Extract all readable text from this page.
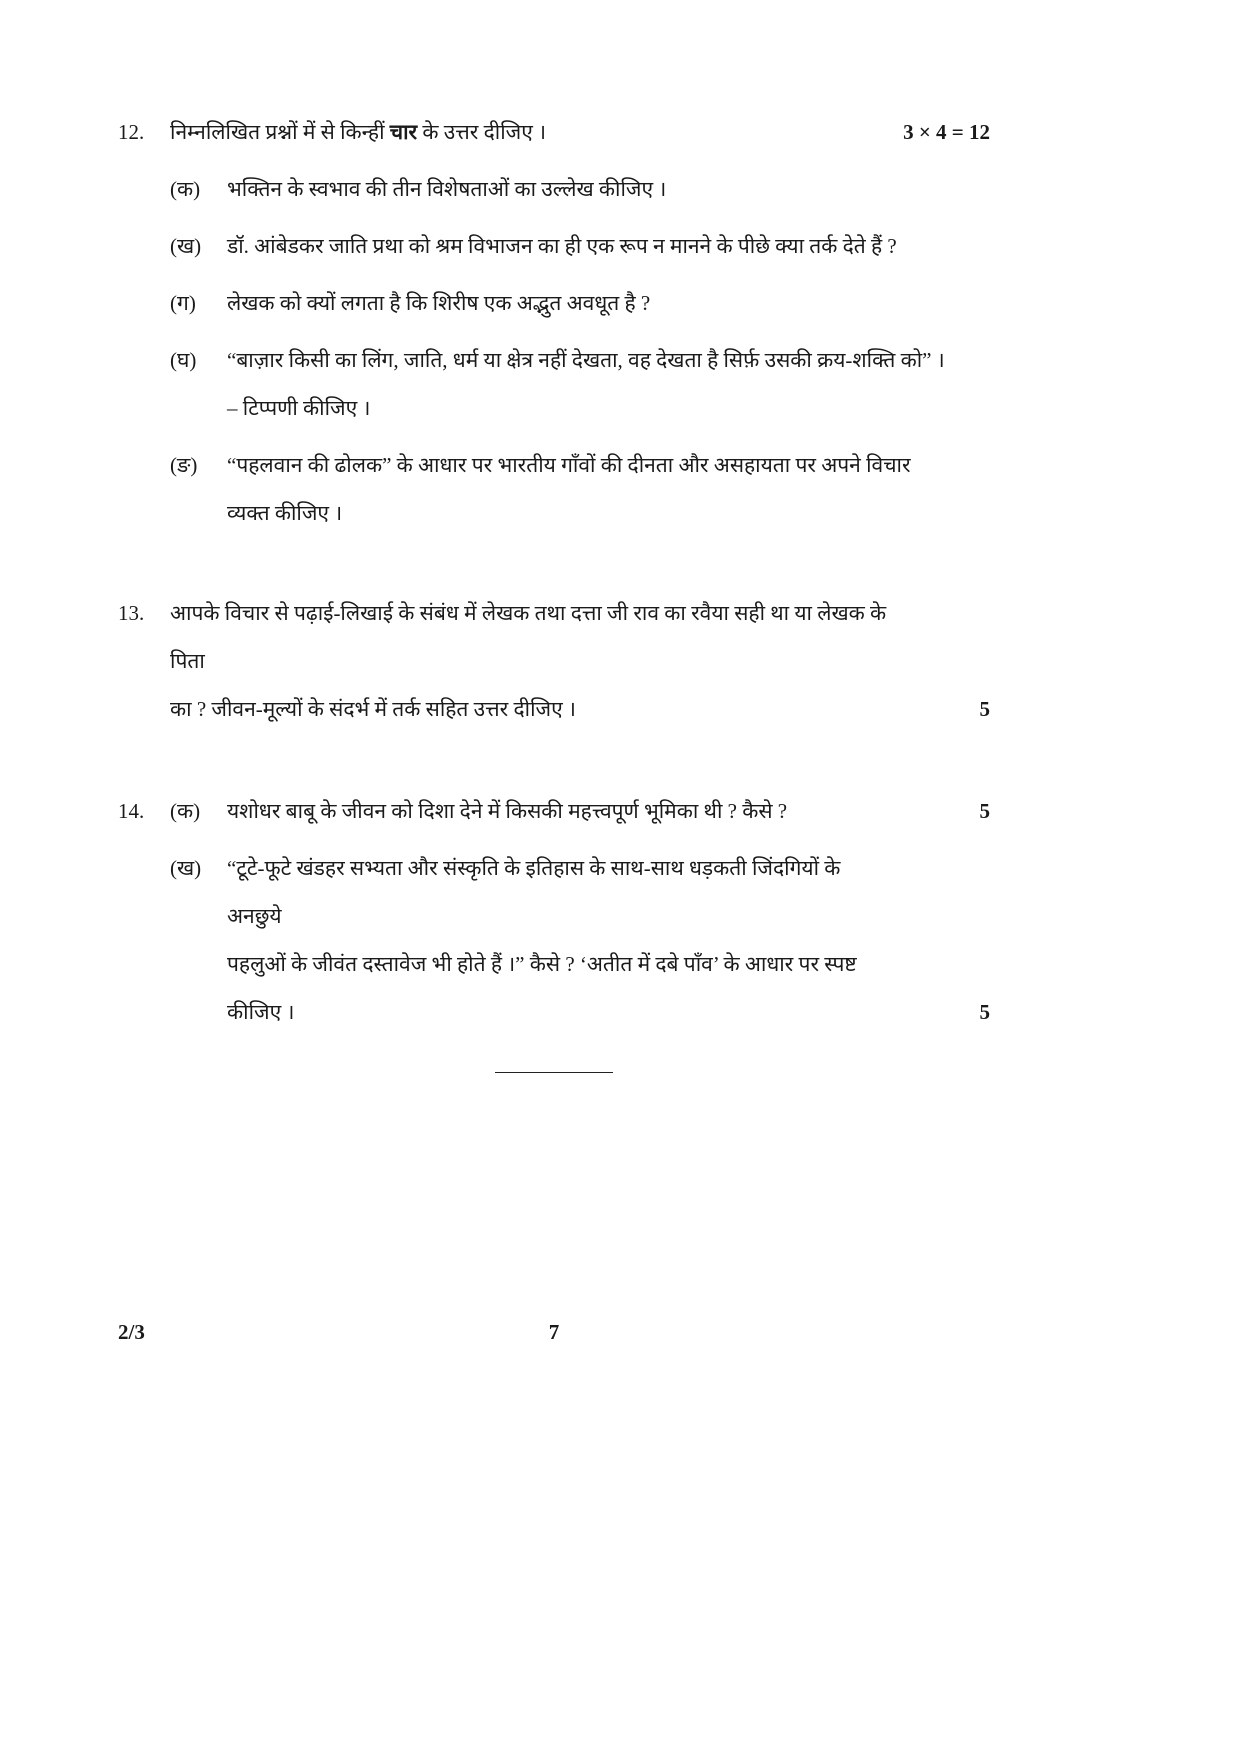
12.	निम्नलिखित प्रश्नों में से किन्हीं चार के उत्तर दीजिए ।	3 × 4 = 12
(क)	भक्तिन के स्वभाव की तीन विशेषताओं का उल्लेख कीजिए ।
(ख)	डॉ. आंबेडकर जाति प्रथा को श्रम विभाजन का ही एक रूप न मानने के पीछे क्या तर्क देते हैं ?
(ग)	लेखक को क्यों लगता है कि शिरीष एक अद्भुत अवधूत है ?
(घ)	“बाज़ार किसी का लिंग, जाति, धर्म या क्षेत्र नहीं देखता, वह देखता है सिर्फ़ उसकी क्रय-शक्ति को” ।
– टिप्पणी कीजिए ।
(ङ)	“पहलवान की ढोलक” के आधार पर भारतीय गाँवों की दीनता और असहायता पर अपने विचार
व्यक्त कीजिए ।
13.	आपके विचार से पढ़ाई-लिखाई के संबंध में लेखक तथा दत्ता जी राव का रवैया सही था या लेखक के पिता
का ? जीवन-मूल्यों के संदर्भ में तर्क सहित उत्तर दीजिए ।	5
14.	(क)	यशोधर बाबू के जीवन को दिशा देने में किसकी महत्त्वपूर्ण भूमिका थी ? कैसे ?	5
(ख)	“टूटे-फूटे खंडहर सभ्यता और संस्कृति के इतिहास के साथ-साथ धड़कती जिंदगियों के अनछुये
पहलुओं के जीवंत दस्तावेज भी होते हैं ।” कैसे ? ‘अतीत में दबे पाँव’ के आधार पर स्पष्ट कीजिए ।	5
2/3	7
